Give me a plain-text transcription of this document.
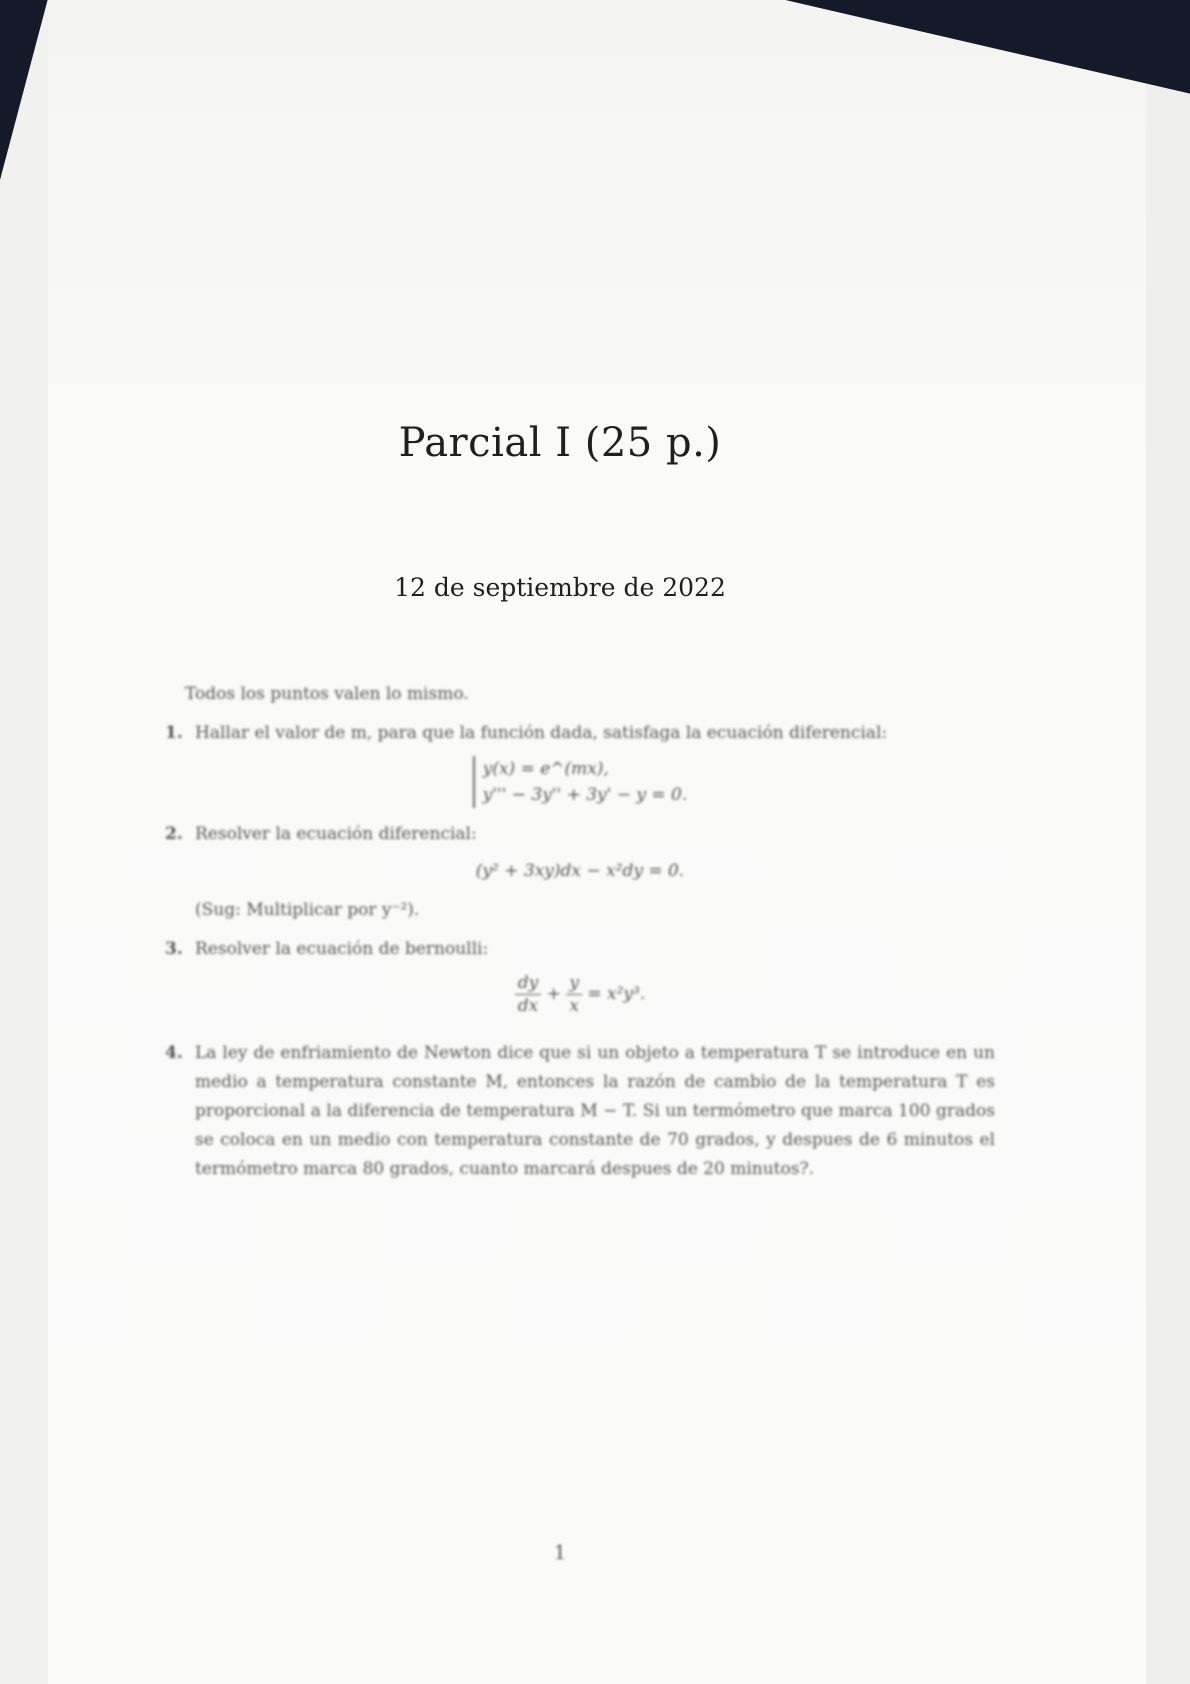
Parcial I (25 p.)
12 de septiembre de 2022
Todos los puntos valen lo mismo.
1. Hallar el valor de m, para que la función dada, satisfaga la ecuación diferencial:
y(x) = e^(mx),
y''' − 3y'' + 3y' − y = 0.
2. Resolver la ecuación diferencial:
(y² + 3xy)dx − x²dy = 0.
(Sug: Multiplicar por y⁻²).
3. Resolver la ecuación de bernoulli:
$\frac{dy}{dx} + \frac{y}{x} = x^2y^3$.
4. La ley de enfriamiento de Newton dice que si un objeto a temperatura T se introduce en un medio a temperatura constante M, entonces la razón de cambio de la temperatura T es proporcional a la diferencia de temperatura M − T. Si un termómetro que marca 100 grados se coloca en un medio con temperatura constante de 70 grados, y despues de 6 minutos el termómetro marca 80 grados, cuanto marcará despues de 20 minutos?.
1
